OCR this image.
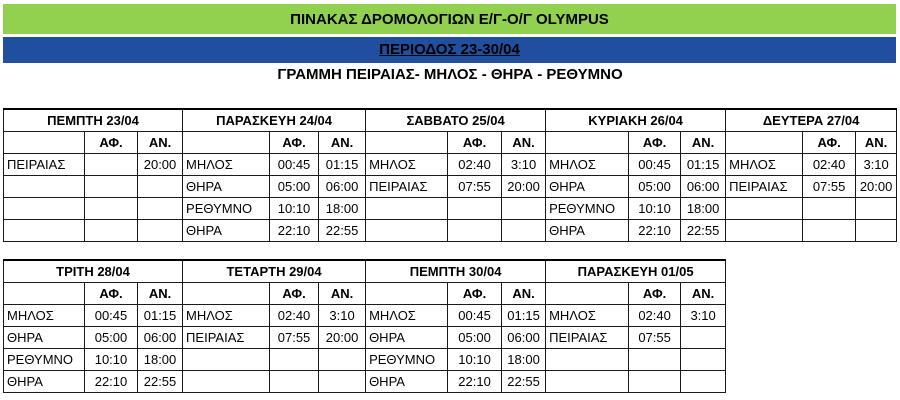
ΠΙΝΑΚΑΣ ΔΡΟΜΟΛΟΓΙΩΝ Ε/Γ-Ο/Γ OLYMPUS
ΠΕΡΙΟΔΟΣ 23-30/04
ΓΡΑΜΜΗ ΠΕΙΡΑΙΑΣ- ΜΗΛΟΣ - ΘΗΡΑ - ΡΕΘΥΜΝΟ
ΠΕΜΠΤΗ 23/04			ΠΑΡΑΣΚΕΥΗ 24/04			ΣΑΒΒΑΤΟ 25/04			ΚΥΡΙΑΚΗ 26/04			ΔΕΥΤΕΡΑ 27/04		
	ΑΦ.	ΑΝ.		ΑΦ.	ΑΝ.		ΑΦ.	ΑΝ.		ΑΦ.	ΑΝ.		ΑΦ.	ΑΝ.
ΠΕΙΡΑΙΑΣ		20:00	ΜΗΛΟΣ	00:45	01:15	ΜΗΛΟΣ	02:40	3:10	ΜΗΛΟΣ	00:45	01:15	ΜΗΛΟΣ	02:40	3:10
			ΘΗΡΑ	05:00	06:00	ΠΕΙΡΑΙΑΣ	07:55	20:00	ΘΗΡΑ	05:00	06:00	ΠΕΙΡΑΙΑΣ	07:55	20:00
			ΡΕΘΥΜΝΟ	10:10	18:00				ΡΕΘΥΜΝΟ	10:10	18:00			
			ΘΗΡΑ	22:10	22:55				ΘΗΡΑ	22:10	22:55			
ΤΡΙΤΗ 28/04			ΤΕΤΑΡΤΗ 29/04			ΠΕΜΠΤΗ 30/04			ΠΑΡΑΣΚΕΥΗ 01/05		
	ΑΦ.	ΑΝ.		ΑΦ.	ΑΝ.		ΑΦ.	ΑΝ.		ΑΦ.	ΑΝ.
ΜΗΛΟΣ	00:45	01:15	ΜΗΛΟΣ	02:40	3:10	ΜΗΛΟΣ	00:45	01:15	ΜΗΛΟΣ	02:40	3:10
ΘΗΡΑ	05:00	06:00	ΠΕΙΡΑΙΑΣ	07:55	20:00	ΘΗΡΑ	05:00	06:00	ΠΕΙΡΑΙΑΣ	07:55	
ΡΕΘΥΜΝΟ	10:10	18:00				ΡΕΘΥΜΝΟ	10:10	18:00			
ΘΗΡΑ	22:10	22:55				ΘΗΡΑ	22:10	22:55			
